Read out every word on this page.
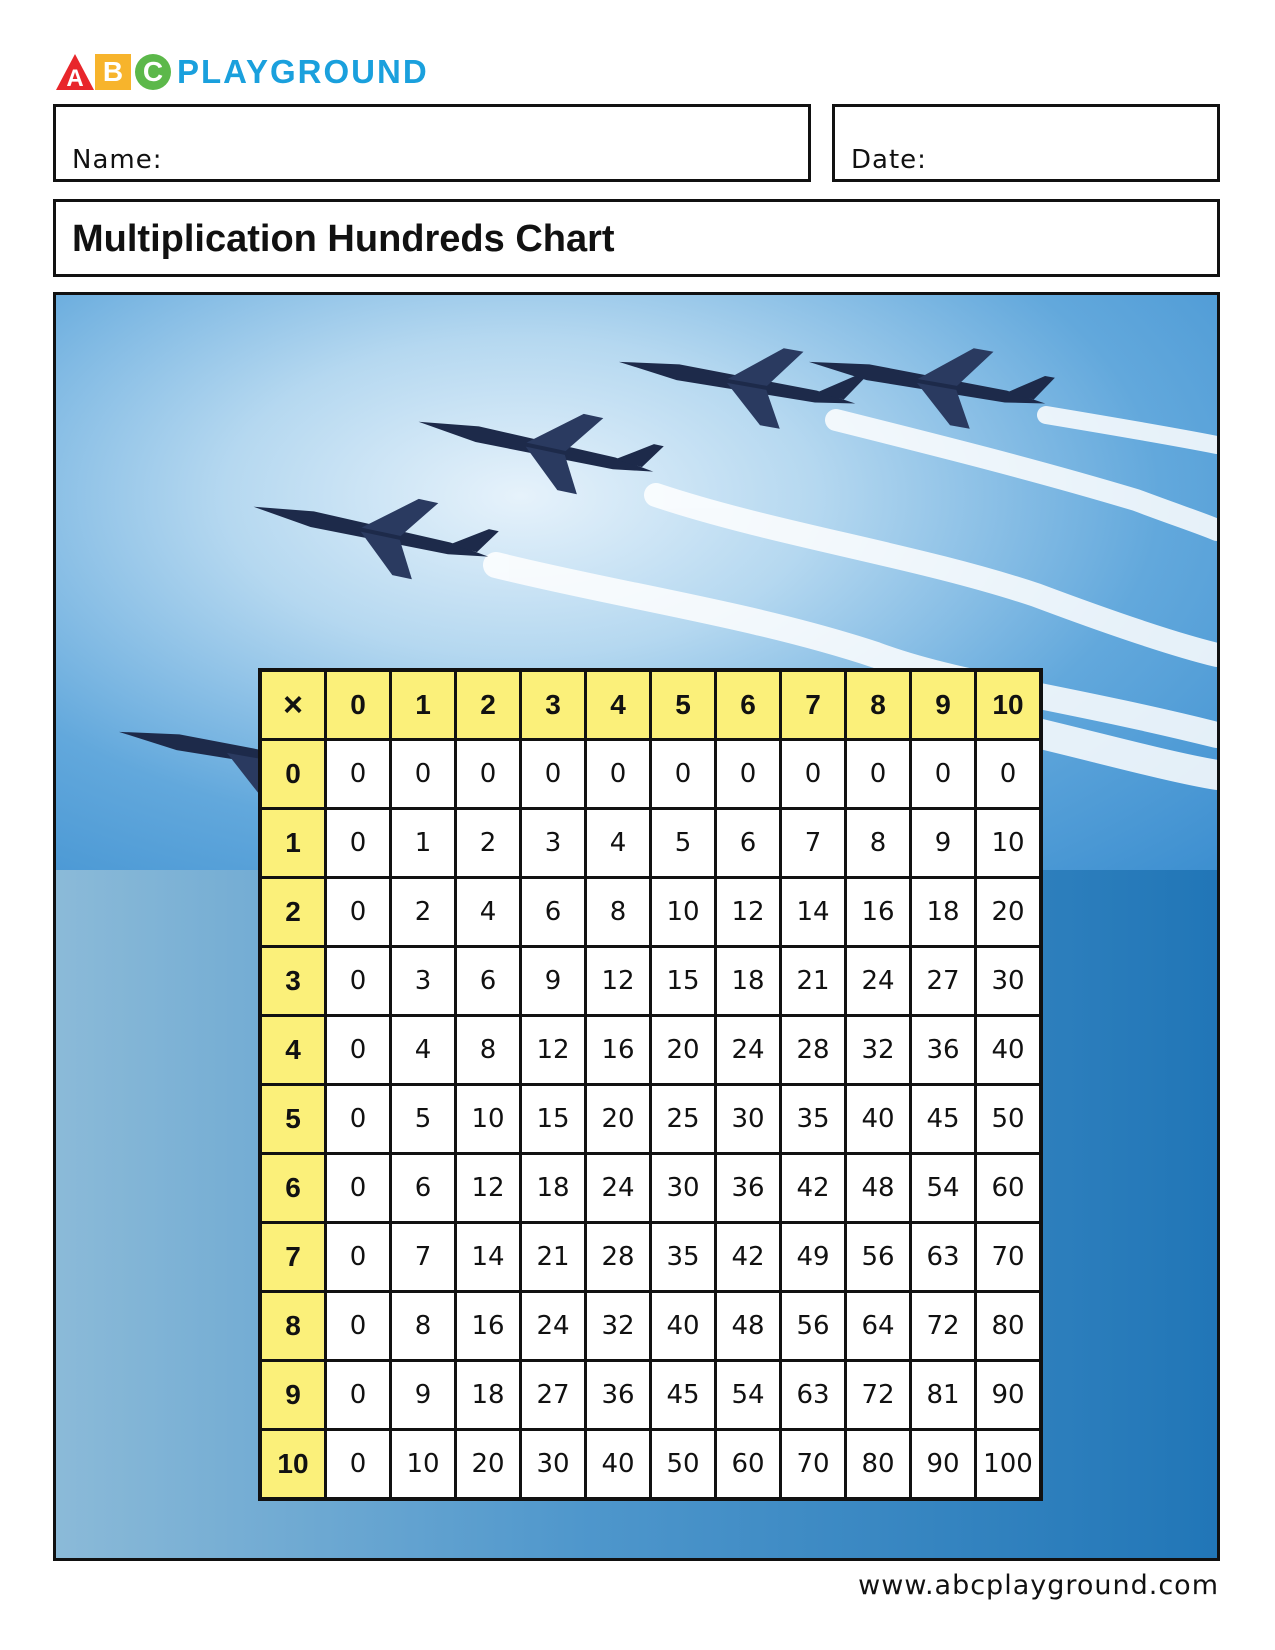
A B C PLAYGROUND
Name:	Date:
Multiplication Hundreds Chart
×	0	1	2	3	4	5	6	7	8	9	10
0	0	0	0	0	0	0	0	0	0	0	0
1	0	1	2	3	4	5	6	7	8	9	10
2	0	2	4	6	8	10	12	14	16	18	20
3	0	3	6	9	12	15	18	21	24	27	30
4	0	4	8	12	16	20	24	28	32	36	40
5	0	5	10	15	20	25	30	35	40	45	50
6	0	6	12	18	24	30	36	42	48	54	60
7	0	7	14	21	28	35	42	49	56	63	70
8	0	8	16	24	32	40	48	56	64	72	80
9	0	9	18	27	36	45	54	63	72	81	90
10	0	10	20	30	40	50	60	70	80	90	100
www.abcplayground.com
